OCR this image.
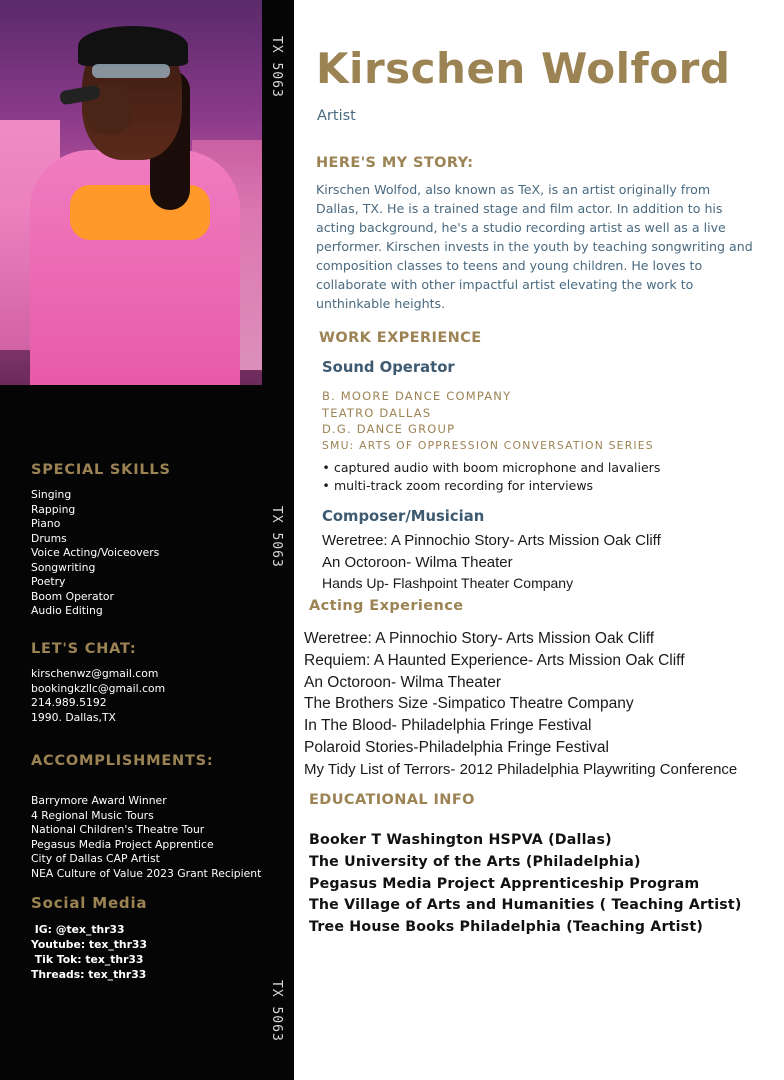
TX 5063
TX 5063
TX 5063
SPECIAL SKILLS
Singing
Rapping
Piano
Drums
Voice Acting/Voiceovers
Songwriting
Poetry
Boom Operator
Audio Editing
LET'S CHAT:
kirschenwz@gmail.com
bookingkzllc@gmail.com
214.989.5192
1990. Dallas,TX
ACCOMPLISHMENTS:
Barrymore Award Winner
4 Regional Music Tours
National Children's Theatre Tour
Pegasus Media Project Apprentice
City of Dallas CAP Artist
NEA Culture of Value 2023 Grant Recipient
Social Media
IG: @tex_thr33
Youtube: tex_thr33
Tik Tok: tex_thr33
Threads: tex_thr33
Kirschen Wolford
Artist
HERE'S MY STORY:
Kirschen Wolfod, also known as TeX, is an artist originally from Dallas, TX. He is a trained stage and film actor. In addition to his acting background, he's a studio recording artist as well as a live performer. Kirschen invests in the youth by teaching songwriting and composition classes to teens and young children. He loves to collaborate with other impactful artist elevating the work to unthinkable heights.
WORK EXPERIENCE
Sound Operator
B. MOORE DANCE COMPANY
TEATRO DALLAS
D.G. DANCE GROUP
SMU: ARTS OF OPPRESSION CONVERSATION SERIES
• captured audio with boom microphone and lavaliers
• multi-track zoom recording for interviews
Composer/Musician
Weretree: A Pinnochio Story- Arts Mission Oak Cliff
An Octoroon- Wilma Theater
Hands Up- Flashpoint Theater Company
Acting Experience
Weretree: A Pinnochio Story- Arts Mission Oak Cliff
Requiem: A Haunted Experience- Arts Mission Oak Cliff
An Octoroon- Wilma Theater
The Brothers Size -Simpatico Theatre Company
In The Blood- Philadelphia Fringe Festival
Polaroid Stories-Philadelphia Fringe Festival
My Tidy List of Terrors- 2012 Philadelphia Playwriting Conference
EDUCATIONAL INFO
Booker T Washington HSPVA (Dallas)
The University of the Arts (Philadelphia)
Pegasus Media Project Apprenticeship Program
The Village of Arts and Humanities ( Teaching Artist)
Tree House Books Philadelphia (Teaching Artist)
